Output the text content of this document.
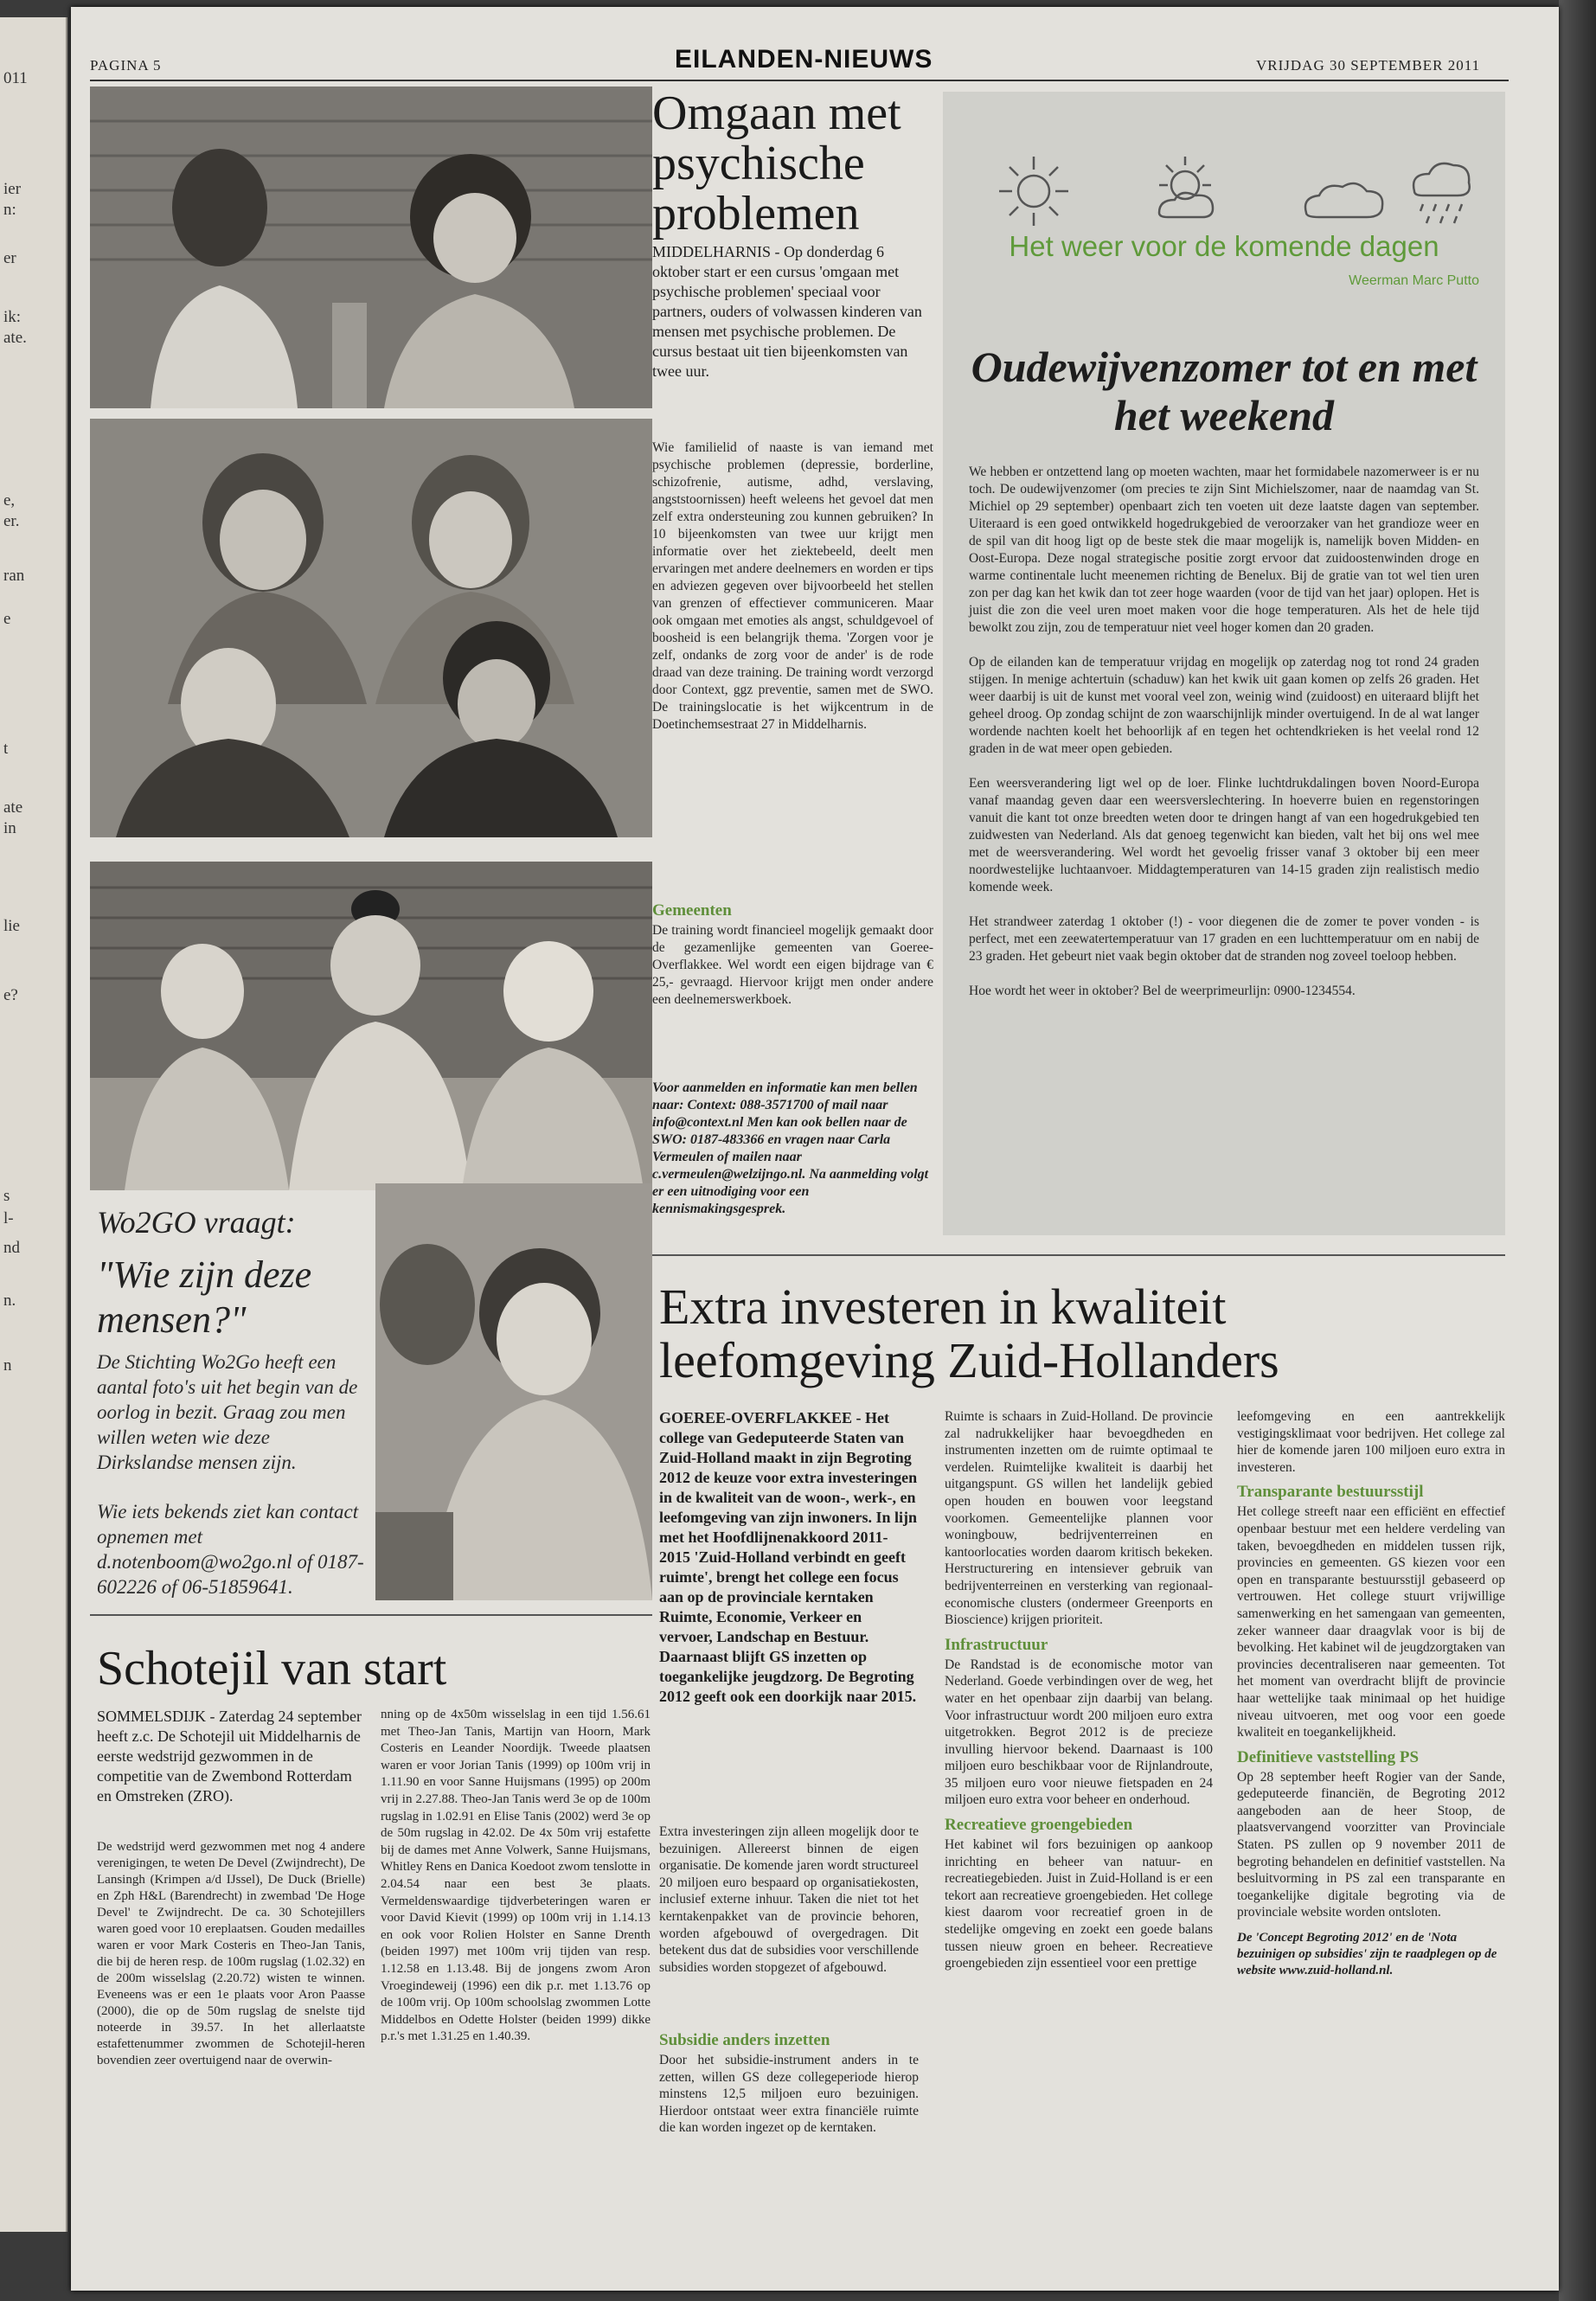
011
ier
n:
er
ik:
ate.
e,
er.
ran
e
t
ate
in
lie
e?
s
l-
nd
n.
n
PAGINA 5	EILANDEN-NIEUWS	VRIJDAG 30 SEPTEMBER 2011
Wo2GO vraagt:
"Wie zijn deze mensen?"
De Stichting Wo2Go heeft een aantal foto's uit het begin van de oorlog in bezit. Graag zou men willen weten wie deze Dirkslandse mensen zijn.
Wie iets bekends ziet kan contact opnemen met d.notenboom@wo2go.nl of 0187-602226 of 06-51859641.
Schotejil van start
SOMMELSDIJK - Zaterdag 24 september heeft z.c. De Schotejil uit Middelharnis de eerste wedstrijd gezwommen in de competitie van de Zwembond Rotterdam en Omstreken (ZRO).
De wedstrijd werd gezwommen met nog 4 andere verenigingen, te weten De Devel (Zwijndrecht), De Lansingh (Krimpen a/d IJssel), De Duck (Brielle) en Zph H&L (Barendrecht) in zwembad 'De Hoge Devel' te Zwijndrecht. De ca. 30 Schotejillers waren goed voor 10 ereplaatsen. Gouden medailles waren er voor Mark Costeris en Theo-Jan Tanis, die bij de heren resp. de 100m rugslag (1.02.32) en de 200m wisselslag (2.20.72) wisten te winnen. Eveneens was er een 1e plaats voor Aron Paasse (2000), die op de 50m rugslag de snelste tijd noteerde in 39.57. In het allerlaatste estafettenummer zwommen de Schotejil-heren bovendien zeer overtuigend naar de overwin-
nning op de 4x50m wisselslag in een tijd 1.56.61 met Theo-Jan Tanis, Martijn van Hoorn, Mark Costeris en Leander Noordijk. Tweede plaatsen waren er voor Jorian Tanis (1999) op 100m vrij in 1.11.90 en voor Sanne Huijsmans (1995) op 200m vrij in 2.27.88. Theo-Jan Tanis werd 3e op de 100m rugslag in 1.02.91 en Elise Tanis (2002) werd 3e op de 50m rugslag in 42.02. De 4x 50m vrij estafette bij de dames met Anne Volwerk, Sanne Huijsmans, Whitley Rens en Danica Koedoot zwom tenslotte in 2.04.54 naar een best 3e plaats. Vermeldenswaardige tijdverbeteringen waren er voor David Kievit (1999) op 100m vrij in 1.14.13 en ook voor Rolien Holster en Sanne Drenth (beiden 1997) met 100m vrij tijden van resp. 1.12.58 en 1.13.48. Bij de jongens zwom Aron Vroegindeweij (1996) een dik p.r. met 1.13.76 op de 100m vrij. Op 100m schoolslag zwommen Lotte Middelbos en Odette Holster (beiden 1999) dikke p.r.'s met 1.31.25 en 1.40.39.
Omgaan met psychische problemen
MIDDELHARNIS - Op donderdag 6 oktober start er een cursus 'omgaan met psychische problemen' speciaal voor partners, ouders of volwassen kinderen van mensen met psychische problemen. De cursus bestaat uit tien bijeenkomsten van twee uur.
Wie familielid of naaste is van iemand met psychische problemen (depressie, borderline, schizofrenie, autisme, adhd, verslaving, angststoornissen) heeft weleens het gevoel dat men zelf extra ondersteuning zou kunnen gebruiken? In 10 bijeenkomsten van twee uur krijgt men informatie over het ziektebeeld, deelt men ervaringen met andere deelnemers en worden er tips en adviezen gegeven over bijvoorbeeld het stellen van grenzen of effectiever communiceren. Maar ook omgaan met emoties als angst, schuldgevoel of boosheid is een belangrijk thema. 'Zorgen voor je zelf, ondanks de zorg voor de ander' is de rode draad van deze training. De training wordt verzorgd door Context, ggz preventie, samen met de SWO. De trainingslocatie is het wijkcentrum in de Doetinchemsestraat 27 in Middelharnis.
Gemeenten
De training wordt financieel mogelijk gemaakt door de gezamenlijke gemeenten van Goeree-Overflakkee. Wel wordt een eigen bijdrage van € 25,- gevraagd. Hiervoor krijgt men onder andere een deelnemerswerkboek.
Voor aanmelden en informatie kan men bellen naar: Context: 088-3571700 of mail naar info@context.nl Men kan ook bellen naar de SWO: 0187-483366 en vragen naar Carla Vermeulen of mailen naar c.vermeulen@welzijngo.nl. Na aanmelding volgt er een uitnodiging voor een kennismakingsgesprek.
Het weer voor de komende dagen
Weerman Marc Putto
Oudewijvenzomer tot en met het weekend

We hebben er ontzettend lang op moeten wachten, maar het formidabele nazomerweer is er nu toch. De oudewijvenzomer (om precies te zijn Sint Michielszomer, naar de naamdag van St. Michiel op 29 september) openbaart zich ten voeten uit deze laatste dagen van september. Uiteraard is een goed ontwikkeld hogedrukgebied de veroorzaker van het grandioze weer en de spil van dit hoog ligt op de beste stek die maar mogelijk is, namelijk boven Midden- en Oost-Europa. Deze nogal strategische positie zorgt ervoor dat zuidoostenwinden droge en warme continentale lucht meenemen richting de Benelux. Bij de gratie van tot wel tien uren zon per dag kan het kwik dan tot zeer hoge waarden (voor de tijd van het jaar) oplopen. Het is juist die zon die veel uren moet maken voor die hoge temperaturen. Als het de hele tijd bewolkt zou zijn, zou de temperatuur niet veel hoger komen dan 20 graden.

Op de eilanden kan de temperatuur vrijdag en mogelijk op zaterdag nog tot rond 24 graden stijgen. In menige achtertuin (schaduw) kan het kwik uit gaan komen op zelfs 26 graden. Het weer daarbij is uit de kunst met vooral veel zon, weinig wind (zuidoost) en uiteraard blijft het geheel droog. Op zondag schijnt de zon waarschijnlijk minder overtuigend. In de al wat langer wordende nachten koelt het behoorlijk af en tegen het ochtendkrieken is het veelal rond 12 graden in de wat meer open gebieden.

Een weersverandering ligt wel op de loer. Flinke luchtdrukdalingen boven Noord-Europa vanaf maandag geven daar een weersverslechtering. In hoeverre buien en regenstoringen vanuit die kant tot onze breedten weten door te dringen hangt af van een hogedrukgebied ten zuidwesten van Nederland. Als dat genoeg tegenwicht kan bieden, valt het bij ons wel mee met de weersverandering. Wel wordt het gevoelig frisser vanaf 3 oktober bij een meer noordwestelijke luchtaanvoer. Middagtemperaturen van 14-15 graden zijn realistisch medio komende week.

Het strandweer zaterdag 1 oktober (!) - voor diegenen die de zomer te pover vonden - is perfect, met een zeewatertemperatuur van 17 graden en een luchttemperatuur om en nabij de 23 graden. Het gebeurt niet vaak begin oktober dat de stranden nog zoveel toeloop hebben.

Hoe wordt het weer in oktober? Bel de weerprimeurlijn: 0900-1234554.

Extra investeren in kwaliteit leefomgeving Zuid-Hollanders
GOEREE-OVERFLAKKEE - Het college van Gedeputeerde Staten van Zuid-Holland maakt in zijn Begroting 2012 de keuze voor extra investeringen in de kwaliteit van de woon-, werk-, en leefomgeving van zijn inwoners. In lijn met het Hoofdlijnenakkoord 2011-2015 'Zuid-Holland verbindt en geeft ruimte', brengt het college een focus aan op de provinciale kerntaken Ruimte, Economie, Verkeer en vervoer, Landschap en Bestuur. Daarnaast blijft GS inzetten op toegankelijke jeugdzorg. De Begroting 2012 geeft ook een doorkijk naar 2015.
Extra investeringen zijn alleen mogelijk door te bezuinigen. Allereerst binnen de eigen organisatie. De komende jaren wordt structureel 20 miljoen euro bespaard op organisatiekosten, inclusief externe inhuur. Taken die niet tot het kerntakenpakket van de provincie behoren, worden afgebouwd of overgedragen. Dit betekent dus dat de subsidies voor verschillende subsidies worden stopgezet of afgebouwd.
Subsidie anders inzetten
Door het subsidie-instrument anders in te zetten, willen GS deze collegeperiode hierop minstens 12,5 miljoen euro bezuinigen. Hierdoor ontstaat weer extra financiële ruimte die kan worden ingezet op de kerntaken.
Ruimte is schaars in Zuid-Holland. De provincie zal nadrukkelijker haar bevoegdheden en instrumenten inzetten om de ruimte optimaal te verdelen. Ruimtelijke kwaliteit is daarbij het uitgangspunt. GS willen het landelijk gebied open houden en bouwen voor leegstand voorkomen. Gemeentelijke plannen voor woningbouw, bedrijventerreinen en kantoorlocaties worden daarom kritisch bekeken. Herstructurering en intensiever gebruik van bedrijventerreinen en versterking van regionaal-economische clusters (ondermeer Greenports en Bioscience) krijgen prioriteit.
Infrastructuur
De Randstad is de economische motor van Nederland. Goede verbindingen over de weg, het water en het openbaar zijn daarbij van belang. Voor infrastructuur wordt 200 miljoen euro extra uitgetrokken. Begrot 2012 is de precieze invulling hiervoor bekend. Daarnaast is 100 miljoen euro beschikbaar voor de Rijnlandroute, 35 miljoen euro voor nieuwe fietspaden en 24 miljoen euro extra voor beheer en onderhoud.
Recreatieve groengebieden
Het kabinet wil fors bezuinigen op aankoop inrichting en beheer van natuur- en recreatiegebieden. Juist in Zuid-Holland is er een tekort aan recreatieve groengebieden. Het college kiest daarom voor recreatief groen in de stedelijke omgeving en zoekt een goede balans tussen nieuw groen en beheer. Recreatieve groengebieden zijn essentieel voor een prettige
leefomgeving en een aantrekkelijk vestigingsklimaat voor bedrijven. Het college zal hier de komende jaren 100 miljoen euro extra in investeren.
Transparante bestuursstijl
Het college streeft naar een efficiënt en effectief openbaar bestuur met een heldere verdeling van taken, bevoegdheden en middelen tussen rijk, provincies en gemeenten. GS kiezen voor een open en transparante bestuursstijl gebaseerd op vertrouwen. Het college stuurt vrijwillige samenwerking en het samengaan van gemeenten, zeker wanneer daar draagvlak voor is bij de bevolking. Het kabinet wil de jeugdzorgtaken van provincies decentraliseren naar gemeenten. Tot het moment van overdracht blijft de provincie haar wettelijke taak minimaal op het huidige niveau uitvoeren, met oog voor een goede kwaliteit en toegankelijkheid.
Definitieve vaststelling PS
Op 28 september heeft Rogier van der Sande, gedeputeerde financiën, de Begroting 2012 aangeboden aan de heer Stoop, de plaatsvervangend voorzitter van Provinciale Staten. PS zullen op 9 november 2011 de begroting behandelen en definitief vaststellen. Na besluitvorming in PS zal een transparante en toegankelijke digitale begroting via de provinciale website worden ontsloten.
De 'Concept Begroting 2012' en de 'Nota bezuinigen op subsidies' zijn te raadplegen op de website www.zuid-holland.nl.
